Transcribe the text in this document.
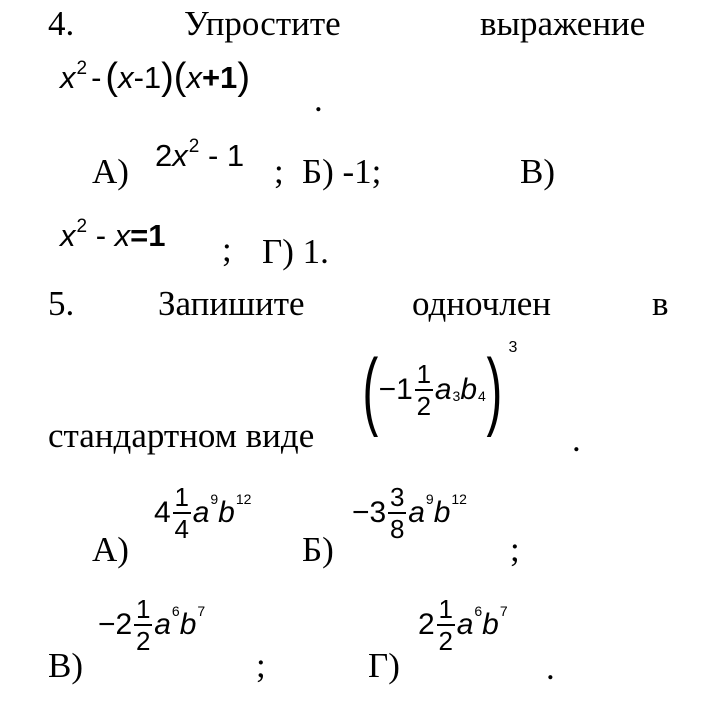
4.	Упростите	выражение
x 2 - ( x -1 ) ( x +1 )
.
А) 2 x 2 - 1 ; Б) -1;	В)
x 2 - x =1 ; Г) 1.
5. Запишите	одночлен	в
стандартном виде ( $-1 \frac{1}{2}$ a 3 b 4 ) 3
.
А)
$4 \frac{1}{4}$ a 9 b 12
Б)
$-3 \frac{3}{8}$ a 9 b 12
;
В)
$-2 \frac{1}{2}$ a 6 b 7
;	Г)
$2 \frac{1}{2}$ a 6 b 7
.
